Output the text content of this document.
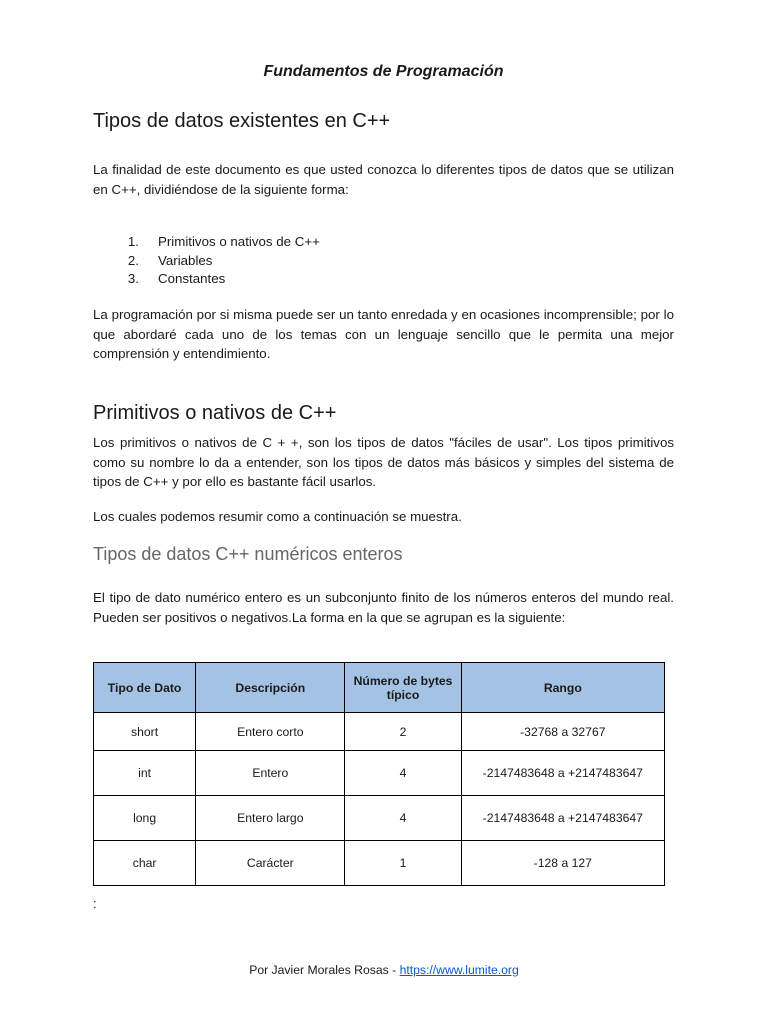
Fundamentos de Programación
Tipos de datos existentes en C++

La finalidad de este documento es que usted conozca lo diferentes tipos de datos que se utilizan en C++, dividiéndose de la siguiente forma:

1. Primitivos o nativos de C++
2. Variables
3. Constantes

La programación por si misma puede ser un tanto enredada y en ocasiones incomprensible; por lo que abordaré cada uno de los temas con un lenguaje sencillo que le permita una mejor comprensión y entendimiento.

Primitivos o nativos de C++

Los primitivos o nativos de C + +, son los tipos de datos "fáciles de usar". Los tipos primitivos como su nombre lo da a entender, son los tipos de datos más básicos y simples del sistema de tipos de C++ y por ello es bastante fácil usarlos.

Los cuales podemos resumir como a continuación se muestra.

Tipos de datos C++ numéricos enteros

El tipo de dato numérico entero es un subconjunto finito de los números enteros del mundo real. Pueden ser positivos o negativos.La forma en la que se agrupan es la siguiente:

Tipo de Dato	Descripción	Número de bytes típico	Rango
short	Entero corto	2	-32768 a 32767
int	Entero	4	-2147483648 a +2147483647
long	Entero largo	4	-2147483648 a +2147483647
char	Carácter	1	-128 a 127
:
Por Javier Morales Rosas - https://www.lumite.org
